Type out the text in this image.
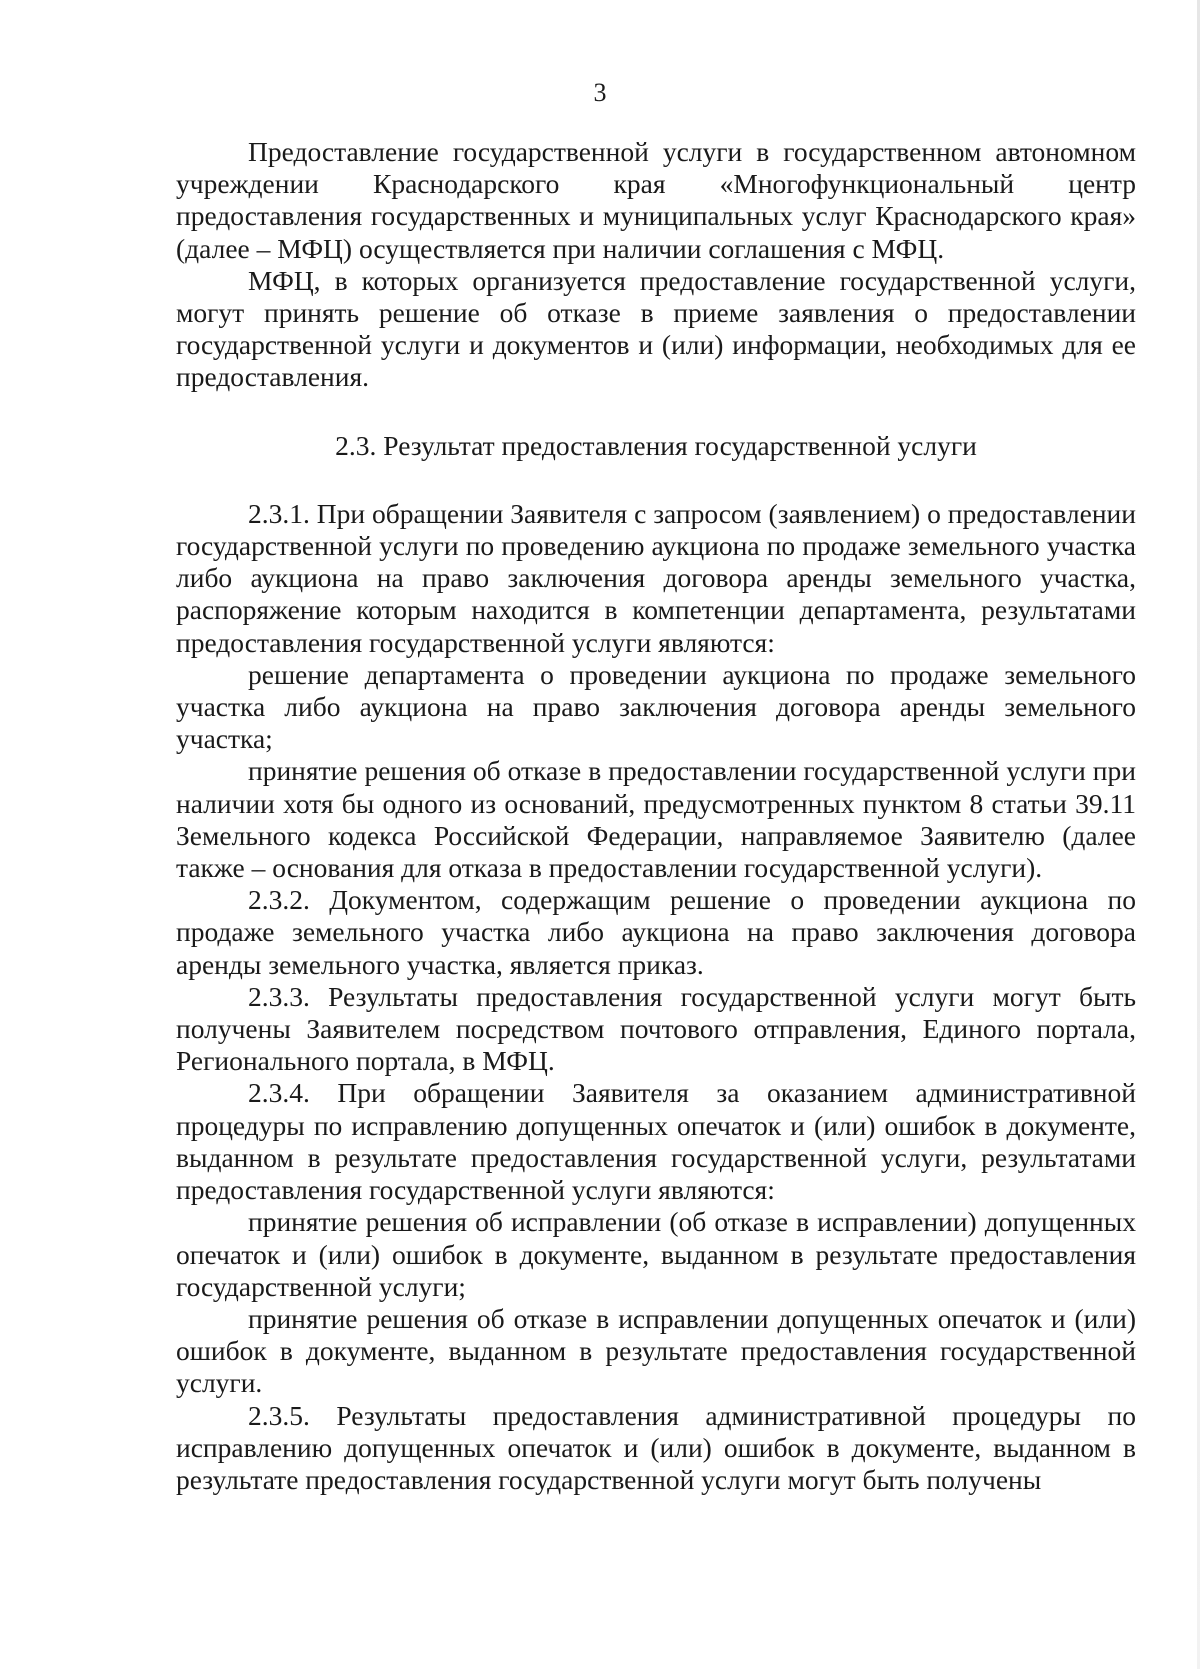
3

Предоставление государственной услуги в государственном автономном учреждении Краснодарского края «Многофункциональный центр предоставления государственных и муниципальных услуг Краснодарского края» (далее – МФЦ) осуществляется при наличии соглашения с МФЦ.

МФЦ, в которых организуется предоставление государственной услуги, могут принять решение об отказе в приеме заявления о предоставлении государственной услуги и документов и (или) информации, необходимых для ее предоставления.

2.3. Результат предоставления государственной услуги

2.3.1. При обращении Заявителя с запросом (заявлением) о предоставлении государственной услуги по проведению аукциона по продаже земельного участка либо аукциона на право заключения договора аренды земельного участка, распоряжение которым находится в компетенции департамента, результатами предоставления государственной услуги являются:

решение департамента о проведении аукциона по продаже земельного участка либо аукциона на право заключения договора аренды земельного участка;

принятие решения об отказе в предоставлении государственной услуги при наличии хотя бы одного из оснований, предусмотренных пунктом 8 статьи 39.11 Земельного кодекса Российской Федерации, направляемое Заявителю (далее также – основания для отказа в предоставлении государственной услуги).

2.3.2. Документом, содержащим решение о проведении аукциона по продаже земельного участка либо аукциона на право заключения договора аренды земельного участка, является приказ.

2.3.3. Результаты предоставления государственной услуги могут быть получены Заявителем посредством почтового отправления, Единого портала, Регионального портала, в МФЦ.

2.3.4. При обращении Заявителя за оказанием административной процедуры по исправлению допущенных опечаток и (или) ошибок в документе, выданном в результате предоставления государственной услуги, результатами предоставления государственной услуги являются:

принятие решения об исправлении (об отказе в исправлении) допущенных опечаток и (или) ошибок в документе, выданном в результате предоставления государственной услуги;

принятие решения об отказе в исправлении допущенных опечаток и (или) ошибок в документе, выданном в результате предоставления государственной услуги.

2.3.5. Результаты предоставления административной процедуры по исправлению допущенных опечаток и (или) ошибок в документе, выданном в результате предоставления государственной услуги могут быть получены
